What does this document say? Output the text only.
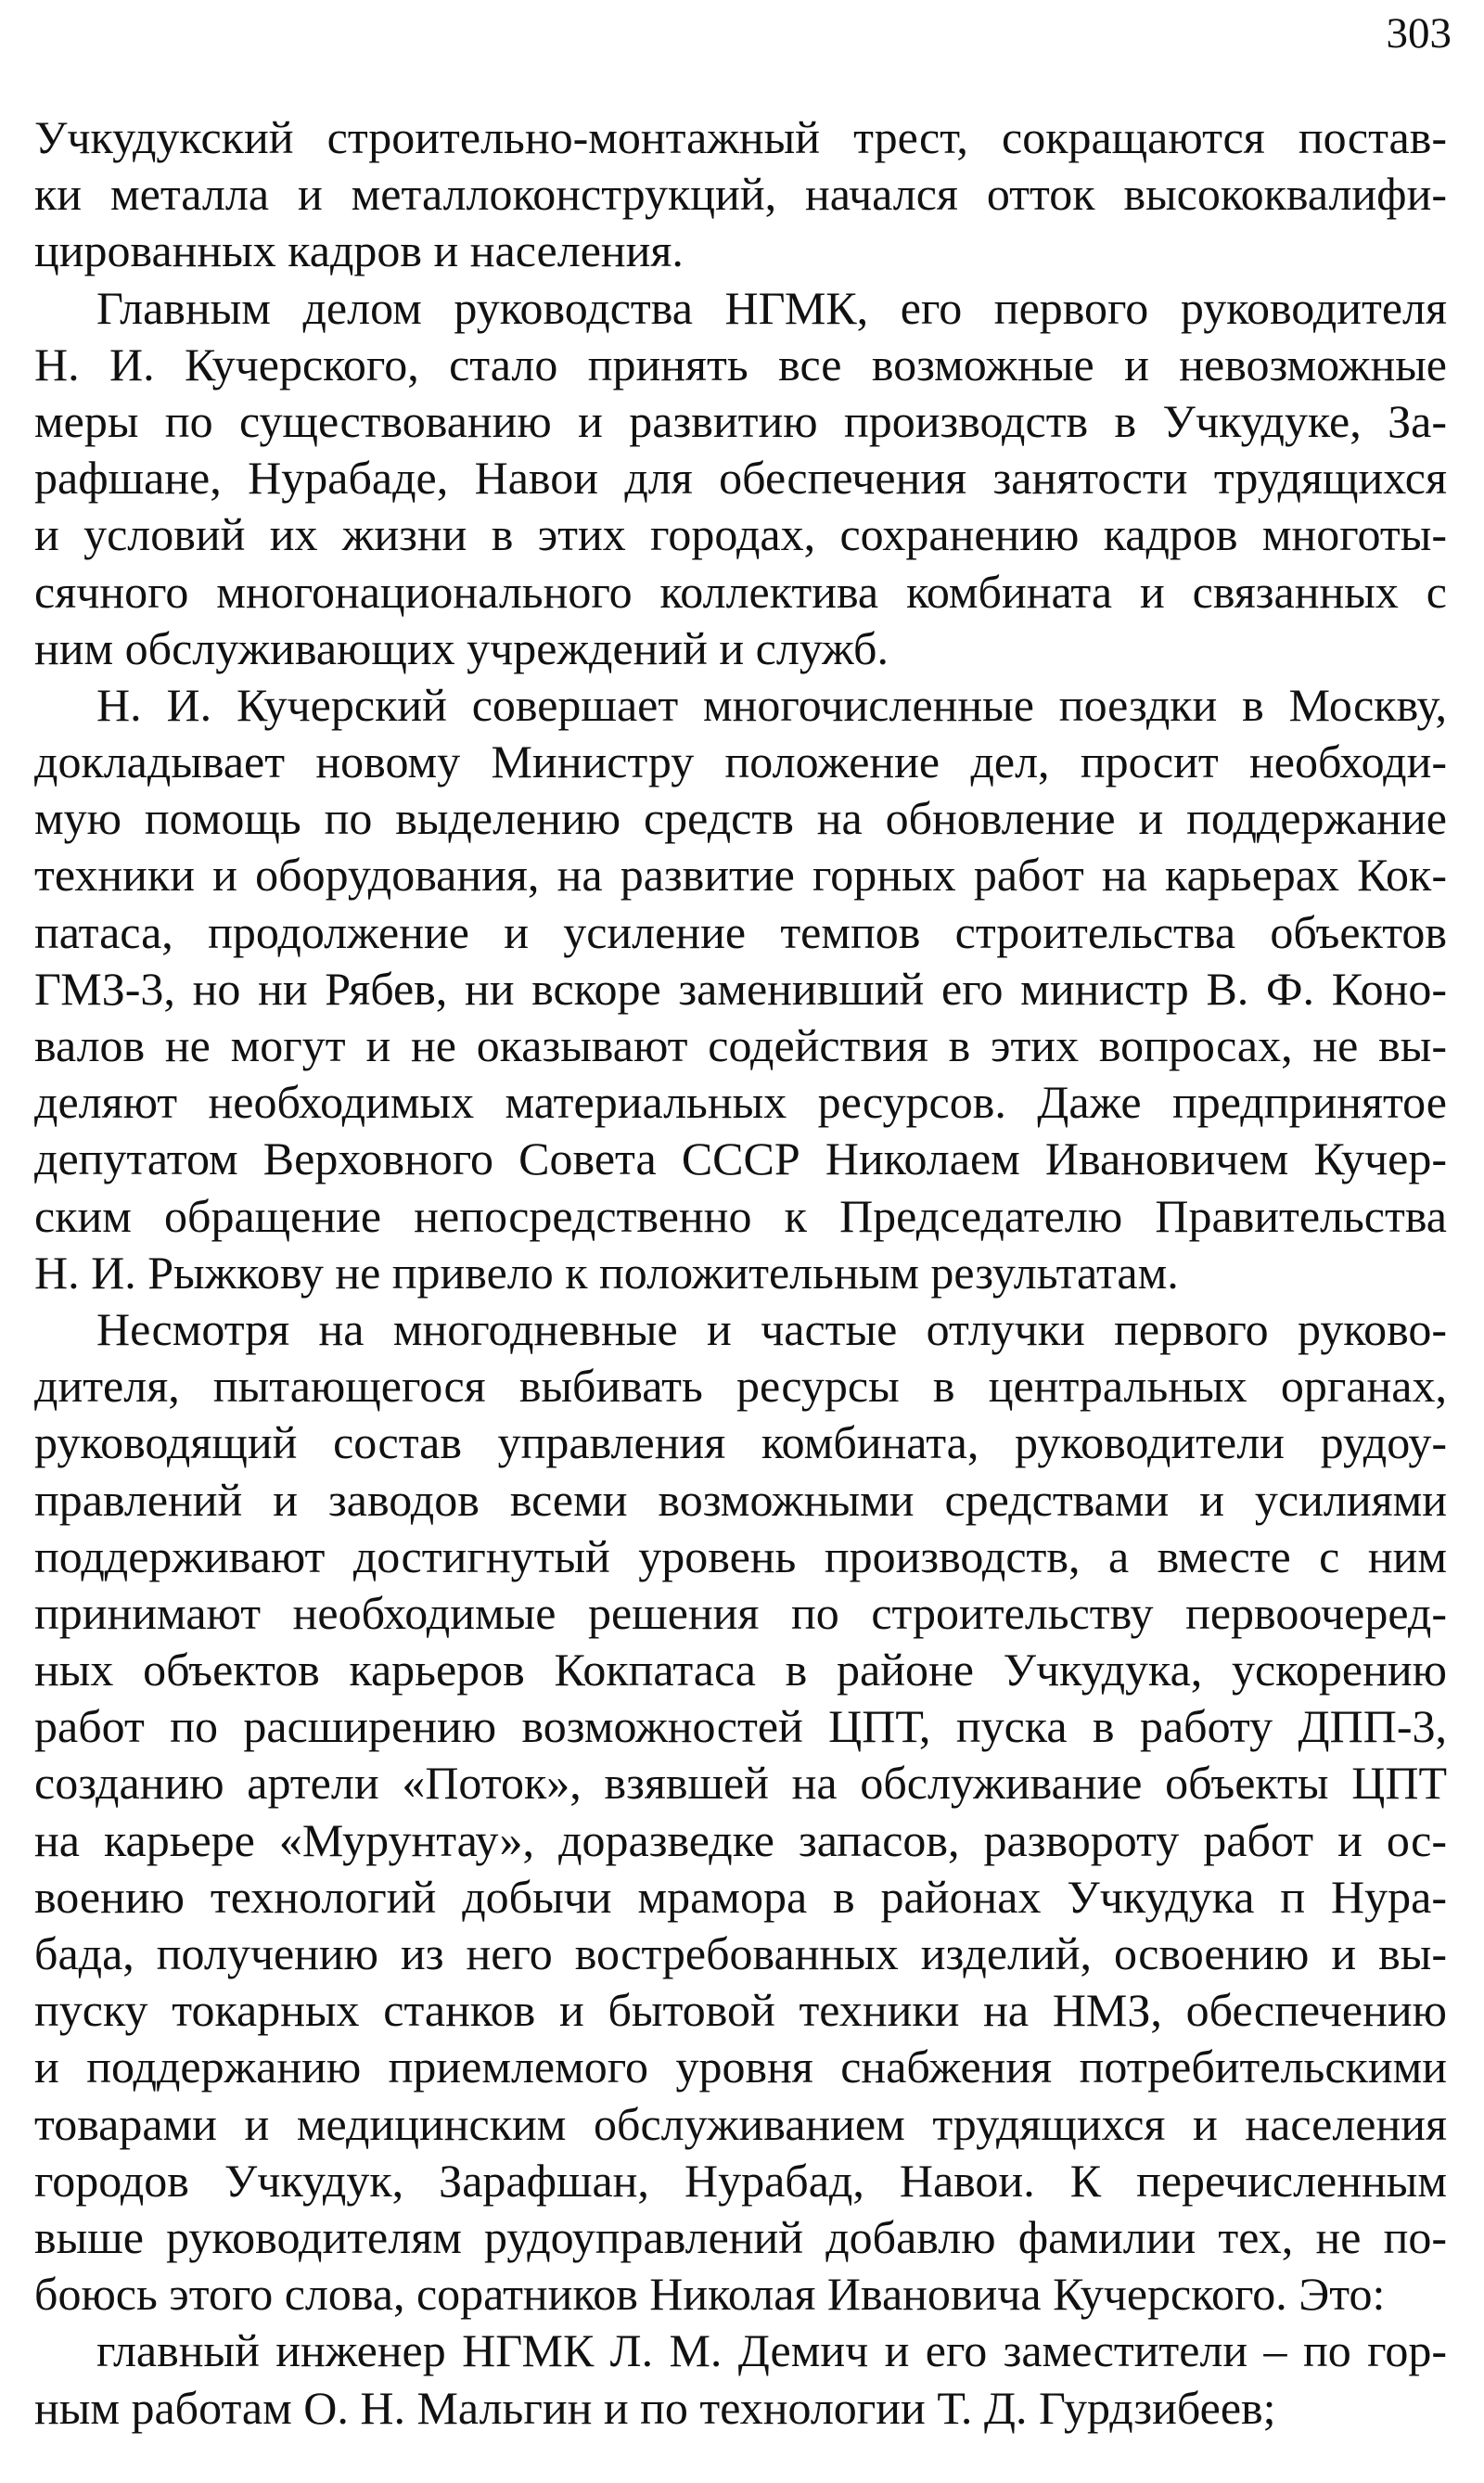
303
Учкудукский строительно-монтажный трест, сокращаются постав-
ки металла и металлоконструкций, начался отток высококвалифи-
цированных кадров и населения.
Главным делом руководства НГМК, его первого руководителя
Н. И. Кучерского, стало принять все возможные и невозможные
меры по существованию и развитию производств в Учкудуке, За-
рафшане, Нурабаде, Навои для обеспечения занятости трудящихся
и условий их жизни в этих городах, сохранению кадров многоты-
сячного многонационального коллектива комбината и связанных с
ним обслуживающих учреждений и служб.
Н. И. Кучерский совершает многочисленные поездки в Москву,
докладывает новому Министру положение дел, просит необходи-
мую помощь по выделению средств на обновление и поддержание
техники и оборудования, на развитие горных работ на карьерах Кок-
патаса, продолжение и усиление темпов строительства объектов
ГМЗ-3, но ни Рябев, ни вскоре заменивший его министр В. Ф. Коно-
валов не могут и не оказывают содействия в этих вопросах, не вы-
деляют необходимых материальных ресурсов. Даже предпринятое
депутатом Верховного Совета СССР Николаем Ивановичем Кучер-
ским обращение непосредственно к Председателю Правительства
Н. И. Рыжкову не привело к положительным результатам.
Несмотря на многодневные и частые отлучки первого руково-
дителя, пытающегося выбивать ресурсы в центральных органах,
руководящий состав управления комбината, руководители рудоу-
правлений и заводов всеми возможными средствами и усилиями
поддерживают достигнутый уровень производств, а вместе с ним
принимают необходимые решения по строительству первоочеред-
ных объектов карьеров Кокпатаса в районе Учкудука, ускорению
работ по расширению возможностей ЦПТ, пуска в работу ДПП-3,
созданию артели «Поток», взявшей на обслуживание объекты ЦПТ
на карьере «Мурунтау», доразведке запасов, развороту работ и ос-
воению технологий добычи мрамора в районах Учкудука п Нура-
бада, получению из него востребованных изделий, освоению и вы-
пуску токарных станков и бытовой техники на НМЗ, обеспечению
и поддержанию приемлемого уровня снабжения потребительскими
товарами и медицинским обслуживанием трудящихся и населения
городов Учкудук, Зарафшан, Нурабад, Навои. К перечисленным
выше руководителям рудоуправлений добавлю фамилии тех, не по-
боюсь этого слова, соратников Николая Ивановича Кучерского. Это:
главный инженер НГМК Л. М. Демич и его заместители – по гор-
ным работам О. Н. Мальгин и по технологии Т. Д. Гурдзибеев;
